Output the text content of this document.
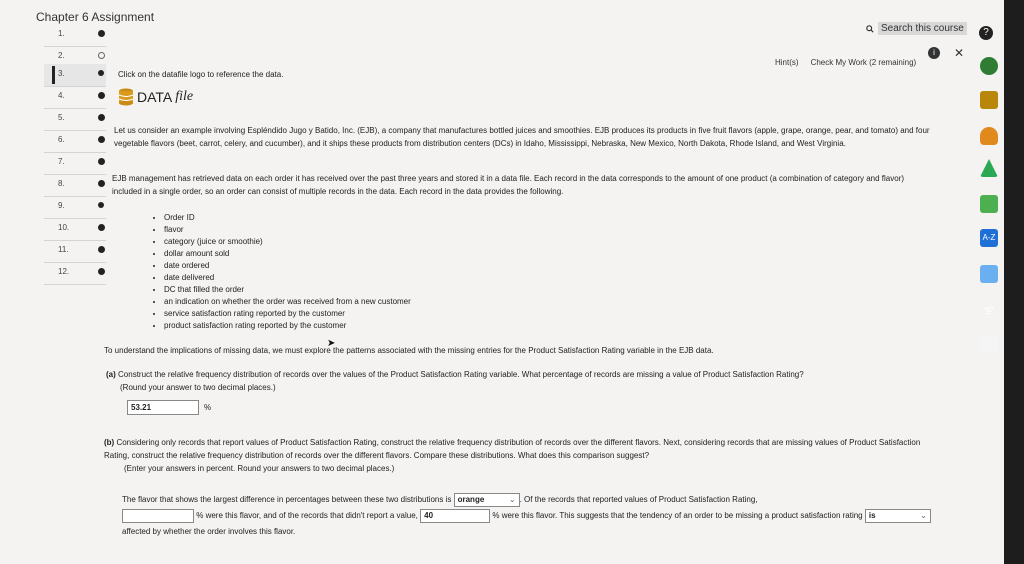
Chapter 6 Assignment
Search this course	?
1.
2.
3.
4.
5.
6.
7.
8.
9.
10.
11.
12.
Hint(s) Check My Work (2 remaining)
i	✕
Click on the datafile logo to reference the data.
DATA file
Let us consider an example involving Espléndido Jugo y Batido, Inc. (EJB), a company that manufactures bottled juices and smoothies. EJB produces its products in five fruit flavors (apple, grape, orange, pear, and tomato) and four vegetable flavors (beet, carrot, celery, and cucumber), and it ships these products from distribution centers (DCs) in Idaho, Mississippi, Nebraska, New Mexico, North Dakota, Rhode Island, and West Virginia.
EJB management has retrieved data on each order it has received over the past three years and stored it in a data file. Each record in the data corresponds to the amount of one product (a combination of category and flavor) included in a single order, so an order can consist of multiple records in the data. Each record in the data provides the following.
• Order ID
• flavor
• category (juice or smoothie)
• dollar amount sold
• date ordered
• date delivered
• DC that filled the order
• an indication on whether the order was received from a new customer
• service satisfaction rating reported by the customer
• product satisfaction rating reported by the customer
To understand the implications of missing data, we must explore the patterns associated with the missing entries for the Product Satisfaction Rating variable in the EJB data.
(a) Construct the relative frequency distribution of records over the values of the Product Satisfaction Rating variable. What percentage of records are missing a value of Product Satisfaction Rating?
(Round your answer to two decimal places.)
53.21	%
(b) Considering only records that report values of Product Satisfaction Rating, construct the relative frequency distribution of records over the different flavors. Next, considering records that are missing values of Product Satisfaction Rating, construct the relative frequency distribution of records over the different flavors. Compare these distributions. What does this comparison suggest?
(Enter your answers in percent. Round your answers to two decimal places.)
The flavor that shows the largest difference in percentages between these two distributions is orange	⌄ . Of the records that reported values of Product Satisfaction Rating,
% were this flavor, and of the records that didn't report a value, 40	% were this flavor. This suggests that the tendency of an order to be missing a product satisfaction rating is	⌄
affected by whether the order involves this flavor.
➤
A-Z
ᯤ
